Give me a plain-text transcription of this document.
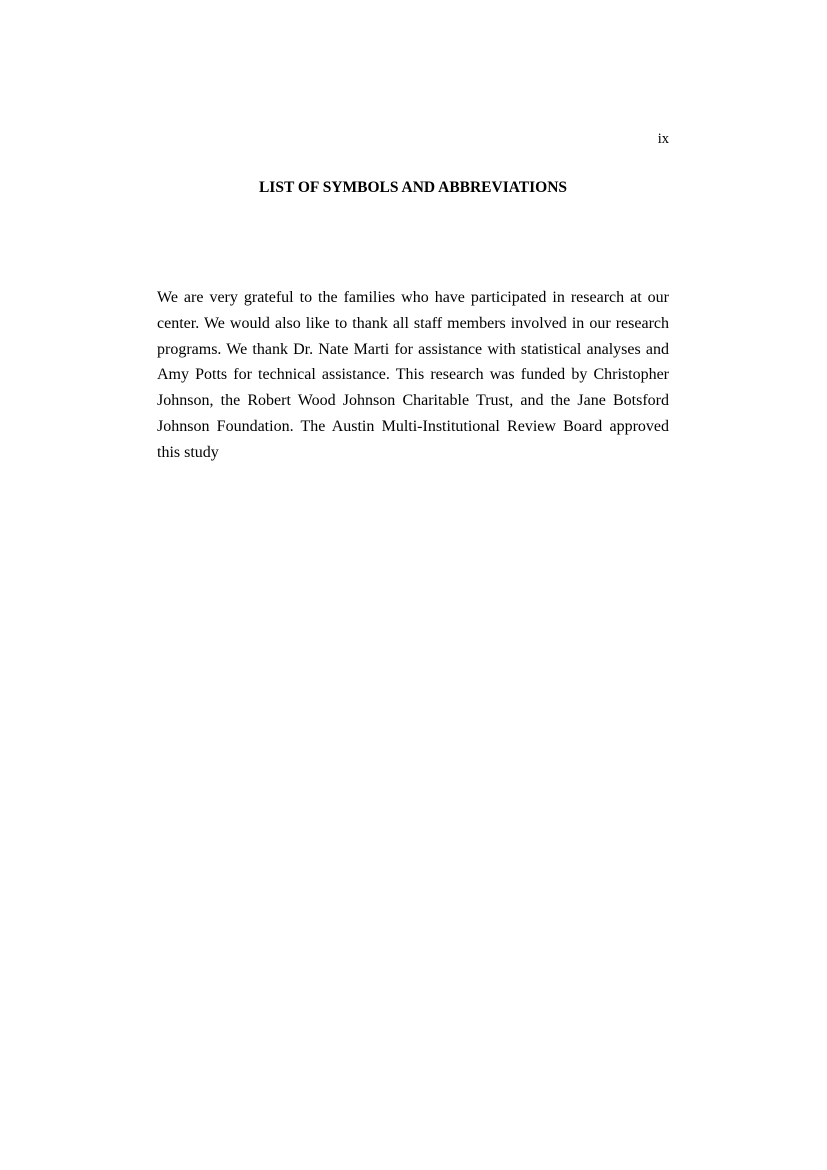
ix
LIST OF SYMBOLS AND ABBREVIATIONS

We are very grateful to the families who have participated in research at our
center. We would also like to thank all staff members involved in our research
programs. We thank Dr. Nate Marti for assistance with statistical analyses and
Amy Potts for technical assistance. This research was funded by Christopher
Johnson, the Robert Wood Johnson Charitable Trust, and the Jane Botsford
Johnson Foundation. The Austin Multi-Institutional Review Board approved
this study
